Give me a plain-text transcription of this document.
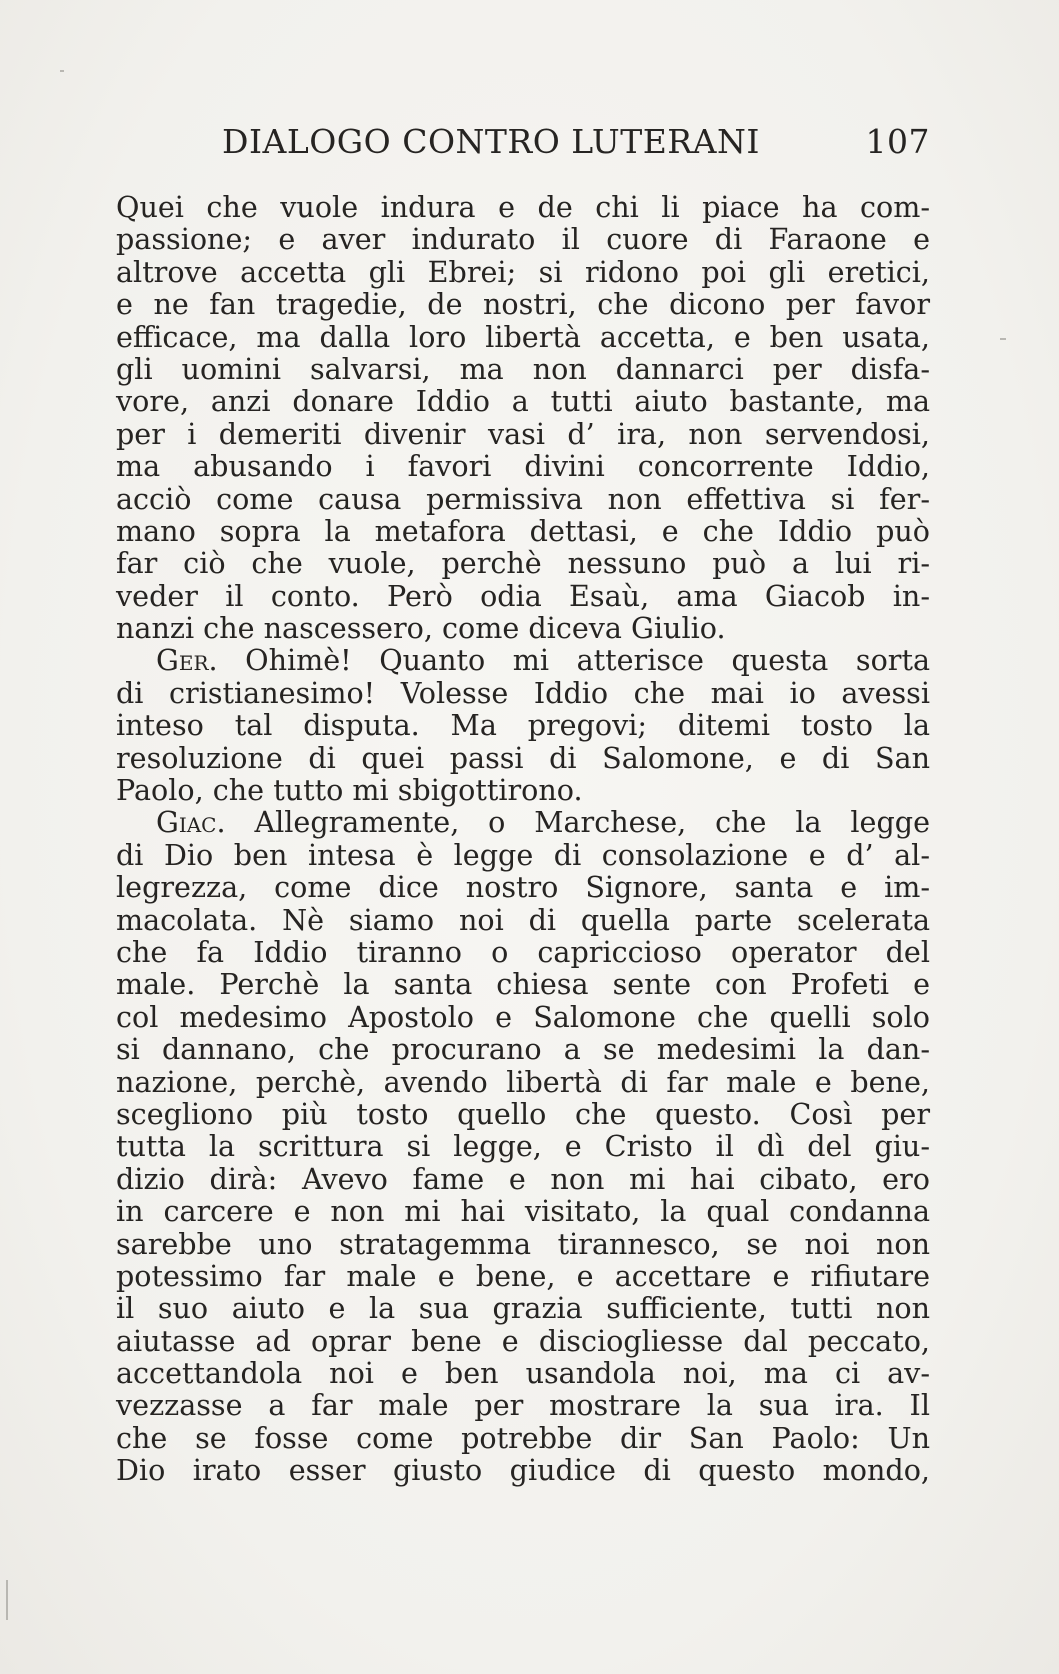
DIALOGO CONTRO LUTERANI	107
Quei che vuole indura e de chi li piace ha com-
passione; e aver indurato il cuore di Faraone e
altrove accetta gli Ebrei; si ridono poi gli eretici,
e ne fan tragedie, de nostri, che dicono per favor
efficace, ma dalla loro libertà accetta, e ben usata,
gli uomini salvarsi, ma non dannarci per disfa-
vore, anzi donare Iddio a tutti aiuto bastante, ma
per i demeriti divenir vasi d’ ira, non servendosi,
ma abusando i favori divini concorrente Iddio,
acciò come causa permissiva non effettiva si fer-
mano sopra la metafora dettasi, e che Iddio può
far ciò che vuole, perchè nessuno può a lui ri-
veder il conto. Però odia Esaù, ama Giacob in-
nanzi che nascessero, come diceva Giulio.
Ger. Ohimè! Quanto mi atterisce questa sorta
di cristianesimo! Volesse Iddio che mai io avessi
inteso tal disputa. Ma pregovi; ditemi tosto la
resoluzione di quei passi di Salomone, e di San
Paolo, che tutto mi sbigottirono.
Giac. Allegramente, o Marchese, che la legge
di Dio ben intesa è legge di consolazione e d’ al-
legrezza, come dice nostro Signore, santa e im-
macolata. Nè siamo noi di quella parte scelerata
che fa Iddio tiranno o capriccioso operator del
male. Perchè la santa chiesa sente con Profeti e
col medesimo Apostolo e Salomone che quelli solo
si dannano, che procurano a se medesimi la dan-
nazione, perchè, avendo libertà di far male e bene,
scegliono più tosto quello che questo. Così per
tutta la scrittura si legge, e Cristo il dì del giu-
dizio dirà: Avevo fame e non mi hai cibato, ero
in carcere e non mi hai visitato, la qual condanna
sarebbe uno stratagemma tirannesco, se noi non
potessimo far male e bene, e accettare e rifiutare
il suo aiuto e la sua grazia sufficiente, tutti non
aiutasse ad oprar bene e disciogliesse dal peccato,
accettandola noi e ben usandola noi, ma ci av-
vezzasse a far male per mostrare la sua ira. Il
che se fosse come potrebbe dir San Paolo: Un
Dio irato esser giusto giudice di questo mondo,
